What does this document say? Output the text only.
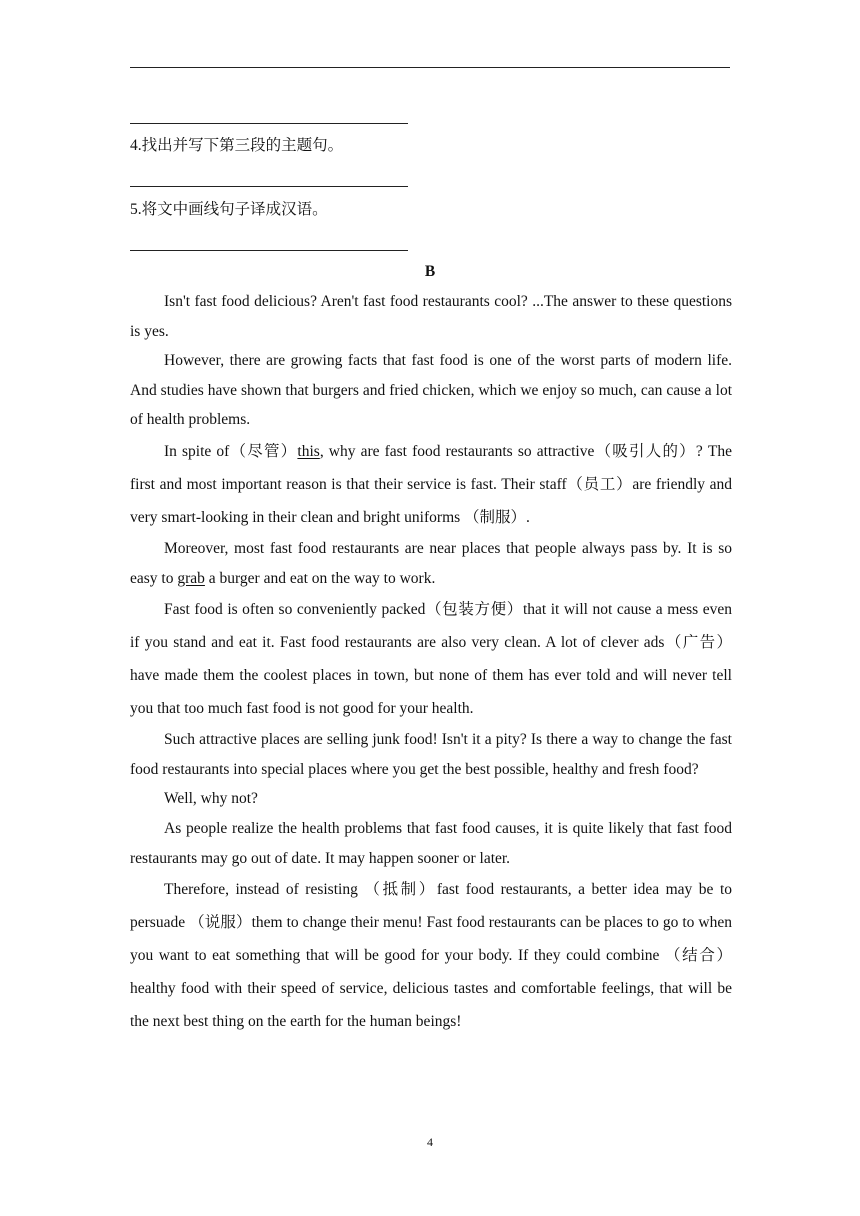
4.找出并写下第三段的主题句。
5.将文中画线句子译成汉语。
B

Isn't fast food delicious? Aren't fast food restaurants cool? ...The answer to these questions is yes.

However, there are growing facts that fast food is one of the worst parts of modern life. And studies have shown that burgers and fried chicken, which we enjoy so much, can cause a lot of health problems.

In spite of（尽管）this, why are fast food restaurants so attractive（吸引人的）? The first and most important reason is that their service is fast. Their staff（员工）are friendly and very smart-looking in their clean and bright uniforms （制服）.

Moreover, most fast food restaurants are near places that people always pass by. It is so easy to grab a burger and eat on the way to work.

Fast food is often so conveniently packed（包装方便）that it will not cause a mess even if you stand and eat it. Fast food restaurants are also very clean. A lot of clever ads（广告）have made them the coolest places in town, but none of them has ever told and will never tell you that too much fast food is not good for your health.

Such attractive places are selling junk food! Isn't it a pity? Is there a way to change the fast food restaurants into special places where you get the best possible, healthy and fresh food?

Well, why not?

As people realize the health problems that fast food causes, it is quite likely that fast food restaurants may go out of date. It may happen sooner or later.

Therefore, instead of resisting （抵制）fast food restaurants, a better idea may be to persuade （说服）them to change their menu! Fast food restaurants can be places to go to when you want to eat something that will be good for your body. If they could combine （结合）healthy food with their speed of service, delicious tastes and comfortable feelings, that will be the next best thing on the earth for the human beings!

4
